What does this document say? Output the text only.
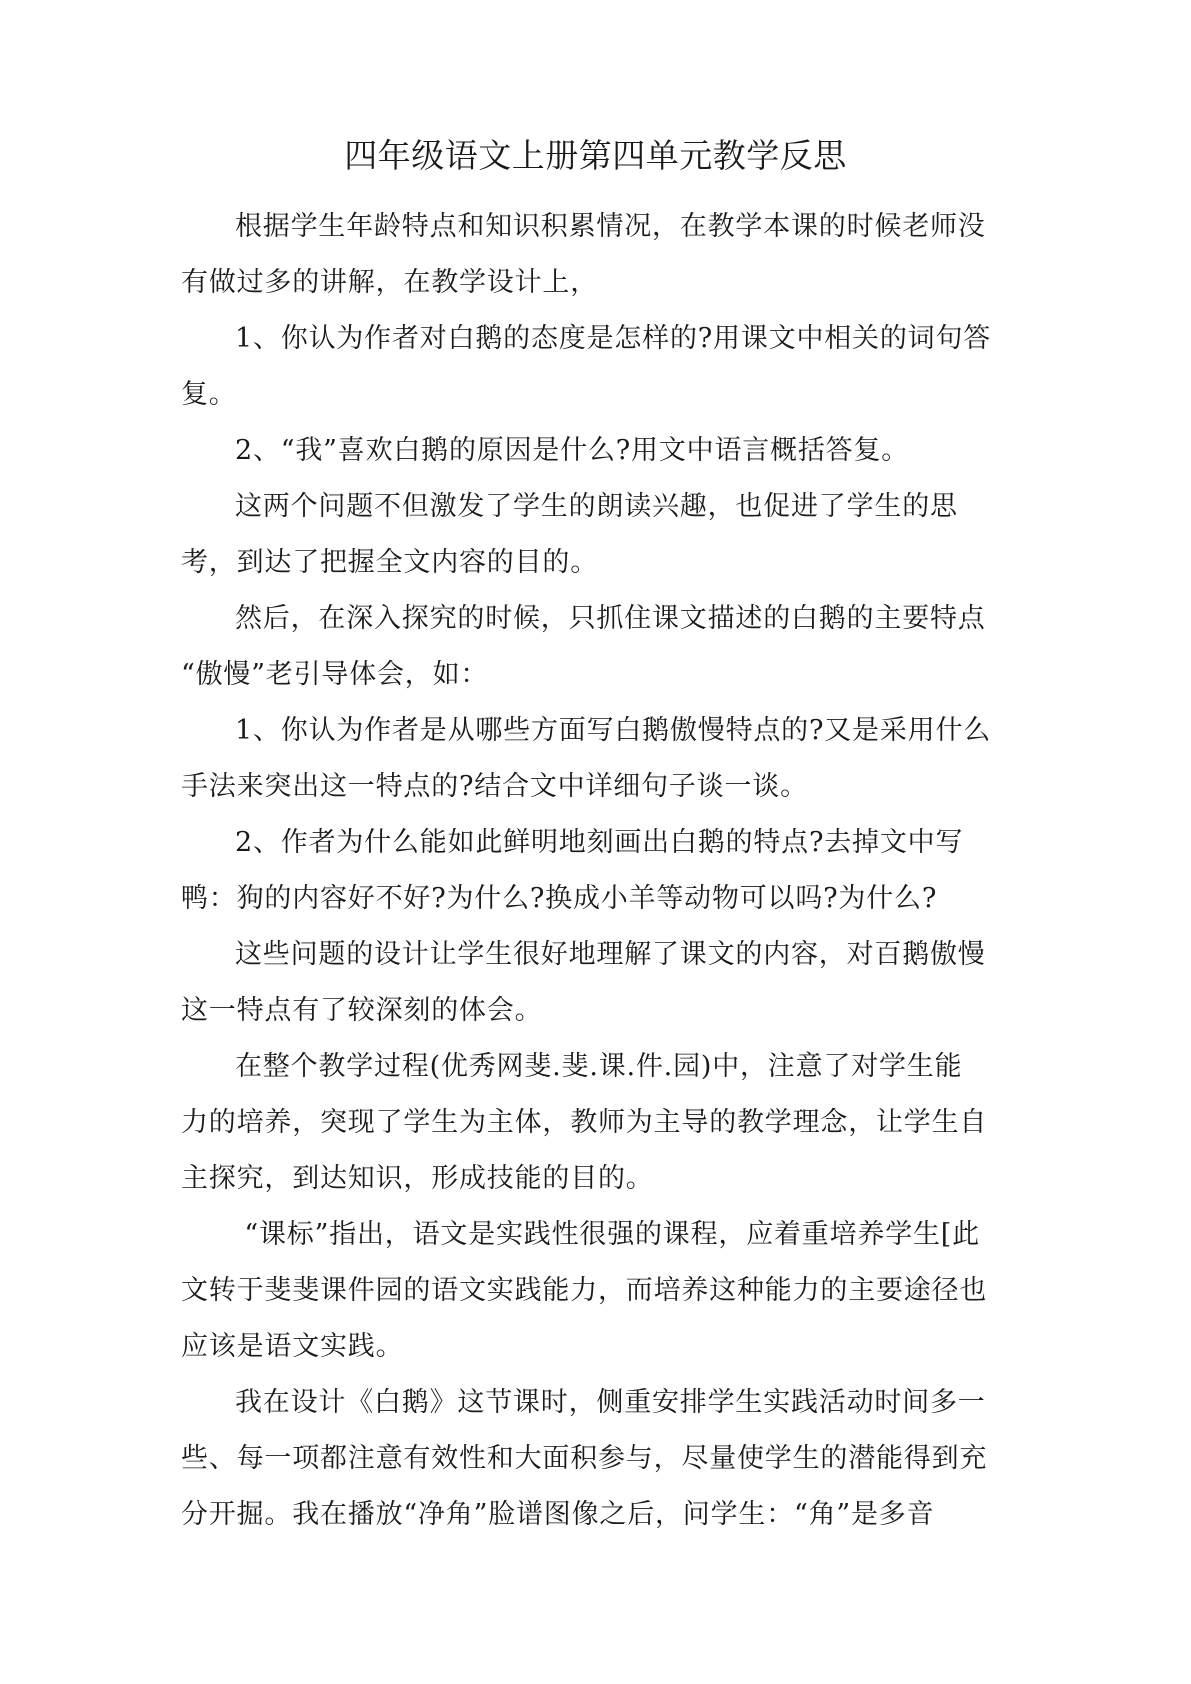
四年级语文上册第四单元教学反思

根据学生年龄特点和知识积累情况，在教学本课的时候老师没
有做过多的讲解，在教学设计上，

1、你认为作者对白鹅的态度是怎样的?用课文中相关的词句答
复。

2、“我”喜欢白鹅的原因是什么?用文中语言概括答复。

这两个问题不但激发了学生的朗读兴趣，也促进了学生的思
考，到达了把握全文内容的目的。

然后，在深入探究的时候，只抓住课文描述的白鹅的主要特点
“傲慢”老引导体会，如：

1、你认为作者是从哪些方面写白鹅傲慢特点的?又是采用什么
手法来突出这一特点的?结合文中详细句子谈一谈。

2、作者为什么能如此鲜明地刻画出白鹅的特点?去掉文中写
鸭：狗的内容好不好?为什么?换成小羊等动物可以吗?为什么?

这些问题的设计让学生很好地理解了课文的内容，对百鹅傲慢
这一特点有了较深刻的体会。

在整个教学过程(优秀网斐.斐.课.件.园)中，注意了对学生能
力的培养，突现了学生为主体，教师为主导的教学理念，让学生自
主探究，到达知识，形成技能的目的。

“课标”指出，语文是实践性很强的课程，应着重培养学生[此
文转于斐斐课件园的语文实践能力，而培养这种能力的主要途径也
应该是语文实践。

我在设计《白鹅》这节课时，侧重安排学生实践活动时间多一
些、每一项都注意有效性和大面积参与，尽量使学生的潜能得到充
分开掘。我在播放“净角”脸谱图像之后，问学生：“角”是多音
